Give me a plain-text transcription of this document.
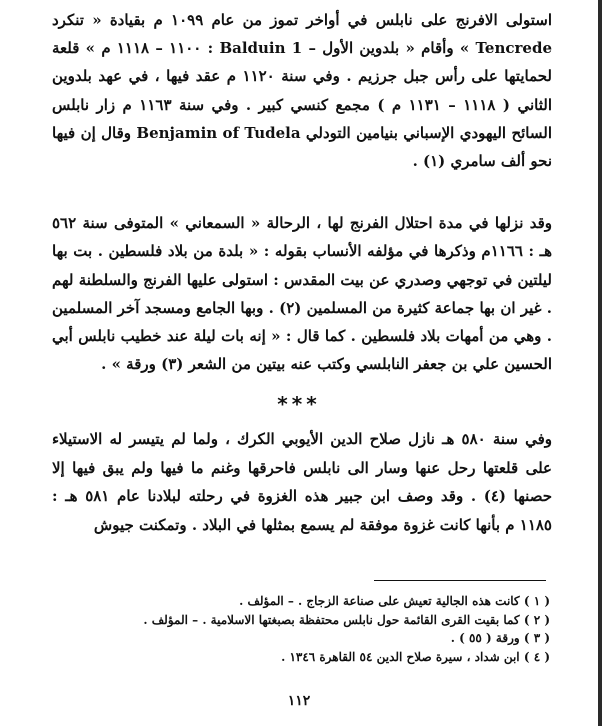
استولى الافرنج على نابلس في أواخر تموز من عام ١٠٩٩ م بقيادة « تنكرد Tencrede » وأقام « بلدوين الأول – Balduin 1 : ١١٠٠ – ١١١٨ م » قلعة لحمايتها على رأس جبل جرزيم . وفي سنة ١١٢٠ م عقد فيها ، في عهد بلدوين الثاني ( ١١١٨ – ١١٣١ م ) مجمع كنسي كبير . وفي سنة ١١٦٣ م زار نابلس السائح اليهودي الإسباني بنيامين التودلي Benjamin of Tudela وقال إن فيها نحو ألف سامري (١) .

وقد نزلها في مدة احتلال الفرنج لها ، الرحالة « السمعاني » المتوفى سنة ٥٦٢ هـ : ١١٦٦م وذكرها في مؤلفه الأنساب بقوله : « بلدة من بلاد فلسطين . بت بها ليلتين في توجهي وصدري عن بيت المقدس : استولى عليها الفرنج والسلطنة لهم . غير ان بها جماعة كثيرة من المسلمين (٢) . وبها الجامع ومسجد آخر المسلمين . وهي من أمهات بلاد فلسطين . كما قال : « إنه بات ليلة عند خطيب نابلس أبي الحسين علي بن جعفر النابلسي وكتب عنه بيتين من الشعر (٣) ورقة » .

***

وفي سنة ٥٨٠ هـ نازل صلاح الدين الأيوبي الكرك ، ولما لم يتيسر له الاستيلاء على قلعتها رحل عنها وسار الى نابلس فاحرقها وغنم ما فيها ولم يبق فيها إلا حصنها (٤) . وقد وصف ابن جبير هذه الغزوة في رحلته لبلادنا عام ٥٨١ هـ : ١١٨٥ م بأنها كانت غزوة موفقة لم يسمع بمثلها في البلاد . وتمكنت جيوش

( ١ ) كانت هذه الجالية تعيش على صناعة الزجاج . – المؤلف .

( ٢ ) كما بقيت القرى القائمة حول نابلس محتفظة بصبغتها الاسلامية . – المؤلف .

( ٣ ) ورقة ( ٥٥ ) .

( ٤ ) ابن شداد ، سيرة صلاح الدين ٥٤ القاهرة ١٣٤٦ .

١١٢
